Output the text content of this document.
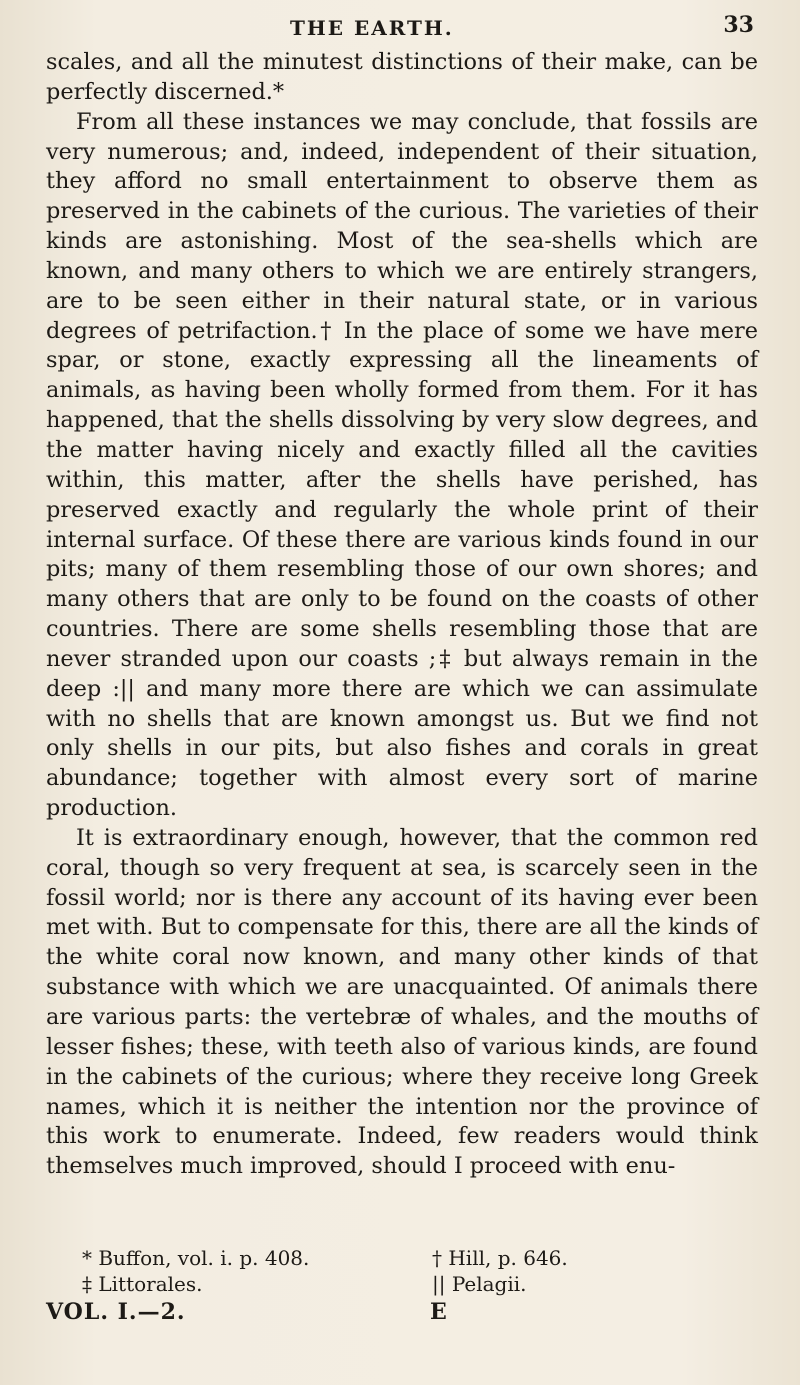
THE EARTH.	33

scales, and all the minutest distinctions of their make, can be perfectly discerned.*

From all these instances we may conclude, that fossils are very numerous; and, indeed, independent of their situation, they afford no small entertainment to observe them as preserved in the cabinets of the curious. The varieties of their kinds are astonishing. Most of the sea-shells which are known, and many others to which we are entirely strangers, are to be seen either in their natural state, or in various degrees of petrifaction.† In the place of some we have mere spar, or stone, exactly expressing all the lineaments of animals, as having been wholly formed from them. For it has happened, that the shells dissolving by very slow degrees, and the matter having nicely and exactly filled all the cavities within, this matter, after the shells have perished, has preserved exactly and regularly the whole print of their internal surface. Of these there are various kinds found in our pits; many of them resembling those of our own shores; and many others that are only to be found on the coasts of other countries. There are some shells resembling those that are never stranded upon our coasts ;‡ but always remain in the deep :|| and many more there are which we can assimulate with no shells that are known amongst us. But we find not only shells in our pits, but also fishes and corals in great abundance; together with almost every sort of marine production.

It is extraordinary enough, however, that the common red coral, though so very frequent at sea, is scarcely seen in the fossil world; nor is there any account of its having ever been met with. But to compensate for this, there are all the kinds of the white coral now known, and many other kinds of that substance with which we are unacquainted. Of animals there are various parts: the vertebræ of whales, and the mouths of lesser fishes; these, with teeth also of various kinds, are found in the cabinets of the curious; where they receive long Greek names, which it is neither the intention nor the province of this work to enumerate. Indeed, few readers would think themselves much improved, should I proceed with enu-

* Buffon, vol. i. p. 408.	† Hill, p. 646.
‡ Littorales.	|| Pelagii.
VOL. I.—2.	E
